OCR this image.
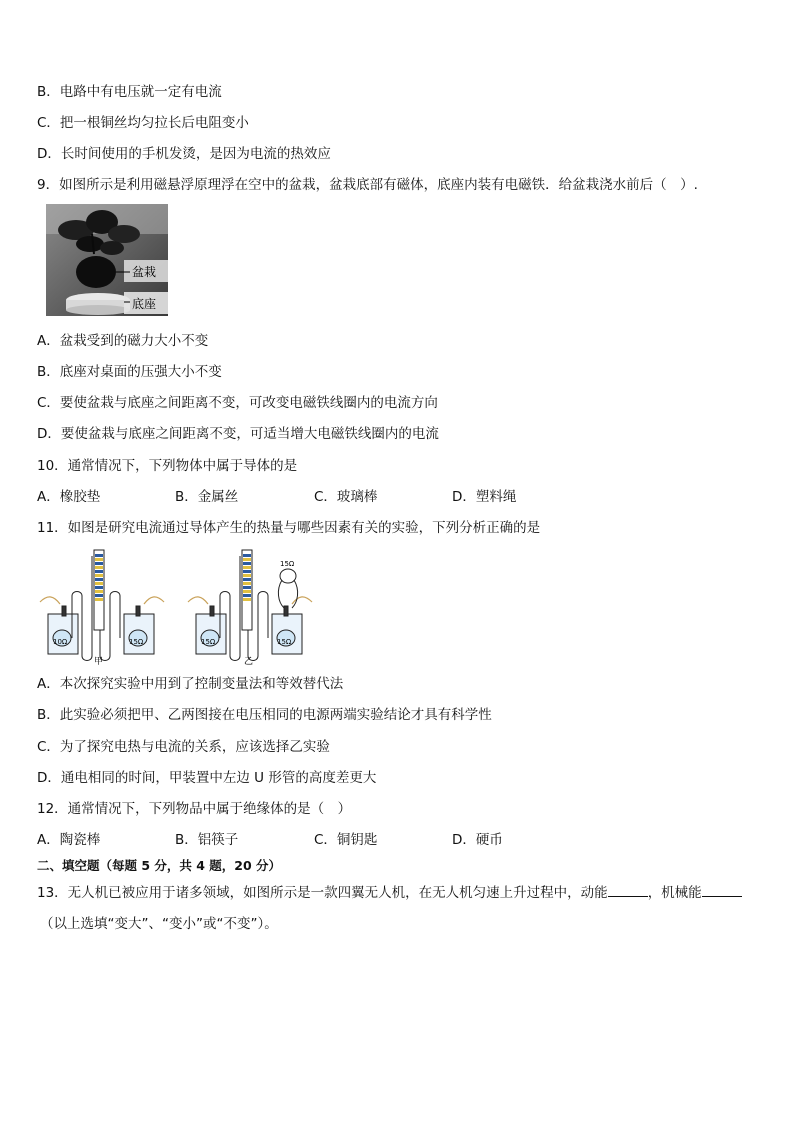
B．电路中有电压就一定有电流
C．把一根铜丝均匀拉长后电阻变小
D．长时间使用的手机发烫，是因为电流的热效应
9．如图所示是利用磁悬浮原理浮在空中的盆栽，盆栽底部有磁体，底座内装有电磁铁．给盆栽浇水前后（　）.
盆栽
底座
A．盆栽受到的磁力大小不变
B．底座对桌面的压强大小不变
C．要使盆栽与底座之间距离不变，可改变电磁铁线圈内的电流方向
D．要使盆栽与底座之间距离不变，可适当增大电磁铁线圈内的电流
10．通常情况下，下列物体中属于导体的是
A．橡胶垫	B．金属丝	C．玻璃棒	D．塑料绳
11．如图是研究电流通过导体产生的热量与哪些因素有关的实验，下列分析正确的是
10Ω	15Ω	15Ω	15Ω
15Ω
甲	乙
A．本次探究实验中用到了控制变量法和等效替代法
B．此实验必须把甲、乙两图接在电压相同的电源两端实验结论才具有科学性
C．为了探究电热与电流的关系，应该选择乙实验
D．通电相同的时间，甲装置中左边 U 形管的高度差更大
12．通常情况下，下列物品中属于绝缘体的是（　）
A．陶瓷棒	B．铝筷子	C．铜钥匙	D．硬币
二、填空题（每题 5 分，共 4 题，20 分）
13．无人机已被应用于诸多领域，如图所示是一款四翼无人机，在无人机匀速上升过程中，动能	，机械能
（以上选填“变大”、“变小”或“不变”）。
